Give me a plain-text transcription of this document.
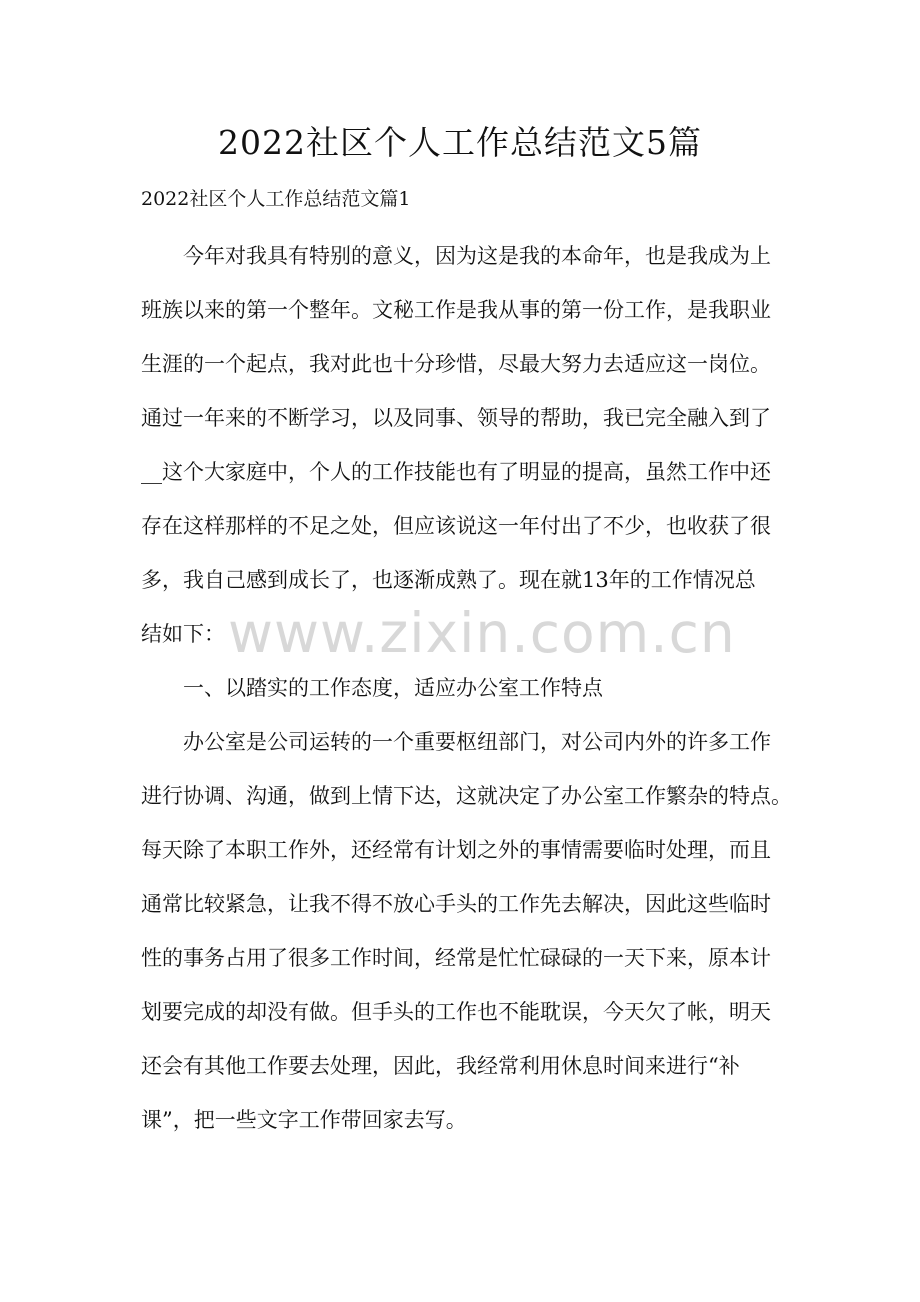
2022社区个人工作总结范文5篇

2022社区个人工作总结范文篇1

今年对我具有特别的意义，因为这是我的本命年，也是我成为上

班族以来的第一个整年。文秘工作是我从事的第一份工作，是我职业

生涯的一个起点，我对此也十分珍惜，尽最大努力去适应这一岗位。

通过一年来的不断学习，以及同事、领导的帮助，我已完全融入到了

__这个大家庭中，个人的工作技能也有了明显的提高，虽然工作中还

存在这样那样的不足之处，但应该说这一年付出了不少，也收获了很

多，我自己感到成长了，也逐渐成熟了。现在就13年的工作情况总

结如下：

一、以踏实的工作态度，适应办公室工作特点

办公室是公司运转的一个重要枢纽部门，对公司内外的许多工作

进行协调、沟通，做到上情下达，这就决定了办公室工作繁杂的特点。

每天除了本职工作外，还经常有计划之外的事情需要临时处理，而且

通常比较紧急，让我不得不放心手头的工作先去解决，因此这些临时

性的事务占用了很多工作时间，经常是忙忙碌碌的一天下来，原本计

划要完成的却没有做。但手头的工作也不能耽误，今天欠了帐，明天

还会有其他工作要去处理，因此，我经常利用休息时间来进行“补

课”，把一些文字工作带回家去写。

www.zixin.com.cn
